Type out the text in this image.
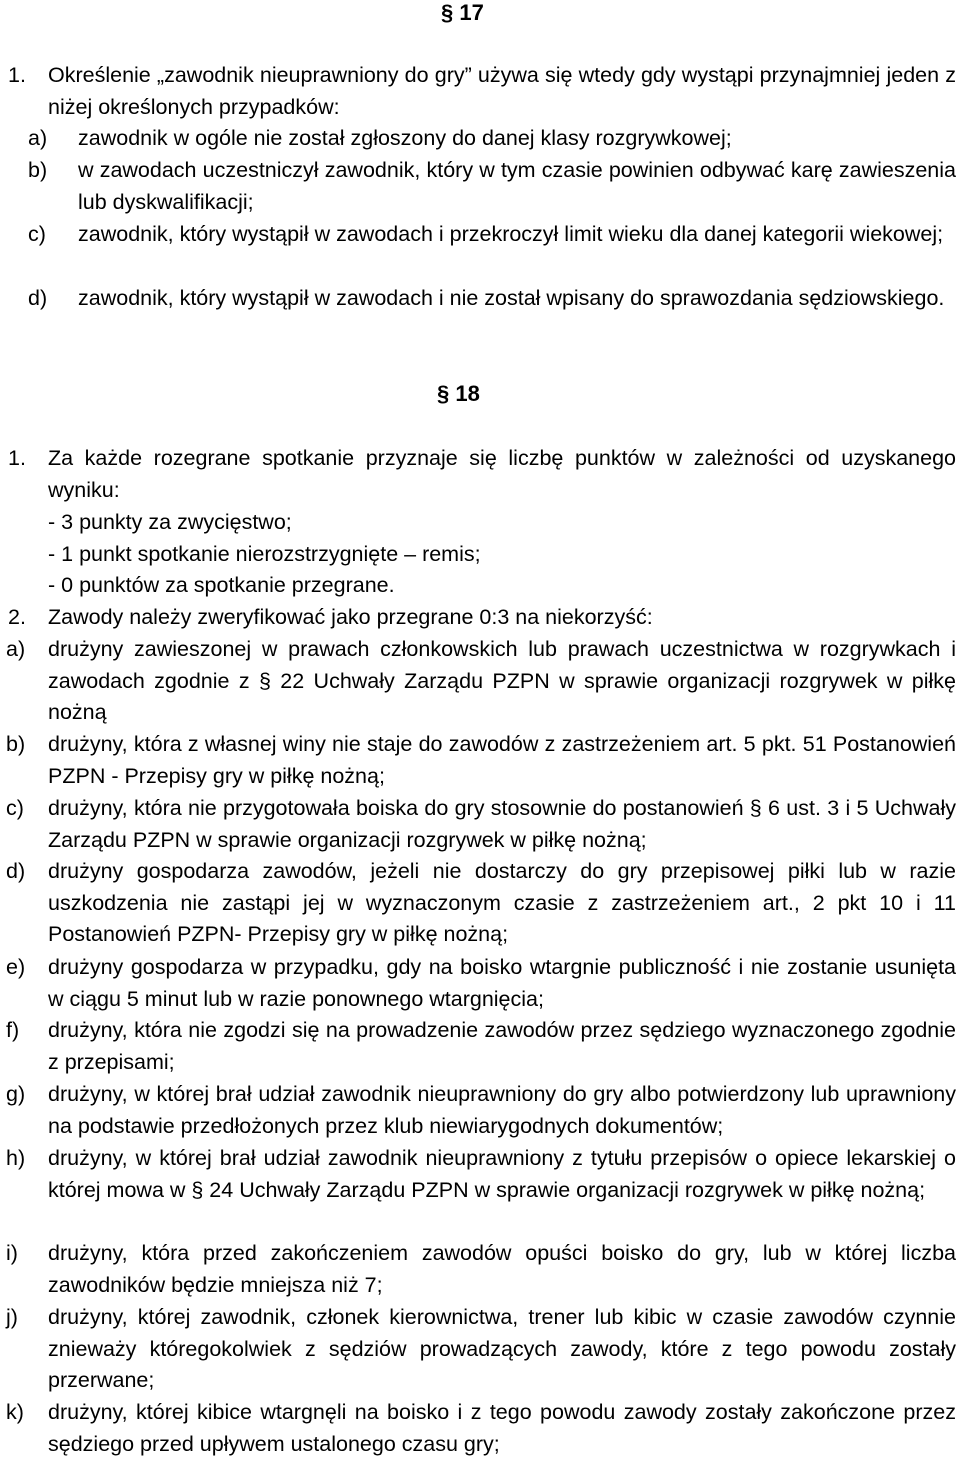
§ 17
1. Określenie „zawodnik nieuprawniony do gry” używa się wtedy gdy wystąpi przynajmniej jeden z niżej określonych przypadków:
a) zawodnik w ogóle nie został zgłoszony do danej klasy rozgrywkowej;
b) w zawodach uczestniczył zawodnik, który w tym czasie powinien odbywać karę zawieszenia lub dyskwalifikacji;
c) zawodnik, który wystąpił w zawodach i przekroczył limit wieku dla danej kategorii wiekowej;
d) zawodnik, który wystąpił w zawodach i nie został wpisany do sprawozdania sędziowskiego.
§ 18
1. Za każde rozegrane spotkanie przyznaje się liczbę punktów w zależności od uzyskanego wyniku:
- 3 punkty za zwycięstwo;
- 1 punkt spotkanie nierozstrzygnięte – remis;
- 0 punktów za spotkanie przegrane.
2. Zawody należy zweryfikować jako przegrane 0:3 na niekorzyść:
a) drużyny zawieszonej w prawach członkowskich lub prawach uczestnictwa w rozgrywkach i zawodach zgodnie z § 22 Uchwały Zarządu PZPN w sprawie organizacji rozgrywek w piłkę nożną
b) drużyny, która z własnej winy nie staje do zawodów z zastrzeżeniem art. 5 pkt. 51 Postanowień PZPN - Przepisy gry w piłkę nożną;
c) drużyny, która nie przygotowała boiska do gry stosownie do postanowień § 6 ust. 3 i 5 Uchwały Zarządu PZPN w sprawie organizacji rozgrywek w piłkę nożną;
d) drużyny gospodarza zawodów, jeżeli nie dostarczy do gry przepisowej piłki lub w razie uszkodzenia nie zastąpi jej w wyznaczonym czasie z zastrzeżeniem art., 2 pkt 10 i 11 Postanowień PZPN- Przepisy gry w piłkę nożną;
e) drużyny gospodarza w przypadku, gdy na boisko wtargnie publiczność i nie zostanie usunięta w ciągu 5 minut lub w razie ponownego wtargnięcia;
f) drużyny, która nie zgodzi się na prowadzenie zawodów przez sędziego wyznaczonego zgodnie z przepisami;
g) drużyny, w której brał udział zawodnik nieuprawniony do gry albo potwierdzony lub uprawniony na podstawie przedłożonych przez klub niewiarygodnych dokumentów;
h) drużyny, w której brał udział zawodnik nieuprawniony z tytułu przepisów o opiece lekarskiej o której mowa w § 24 Uchwały Zarządu PZPN w sprawie organizacji rozgrywek w piłkę nożną;
i) drużyny, która przed zakończeniem zawodów opuści boisko do gry, lub w której liczba zawodników będzie mniejsza niż 7;
j) drużyny, której zawodnik, członek kierownictwa, trener lub kibic w czasie zawodów czynnie znieważy któregokolwiek z sędziów prowadzących zawody, które z tego powodu zostały przerwane;
k) drużyny, której kibice wtargnęli na boisko i z tego powodu zawody zostały zakończone przez sędziego przed upływem ustalonego czasu gry;
